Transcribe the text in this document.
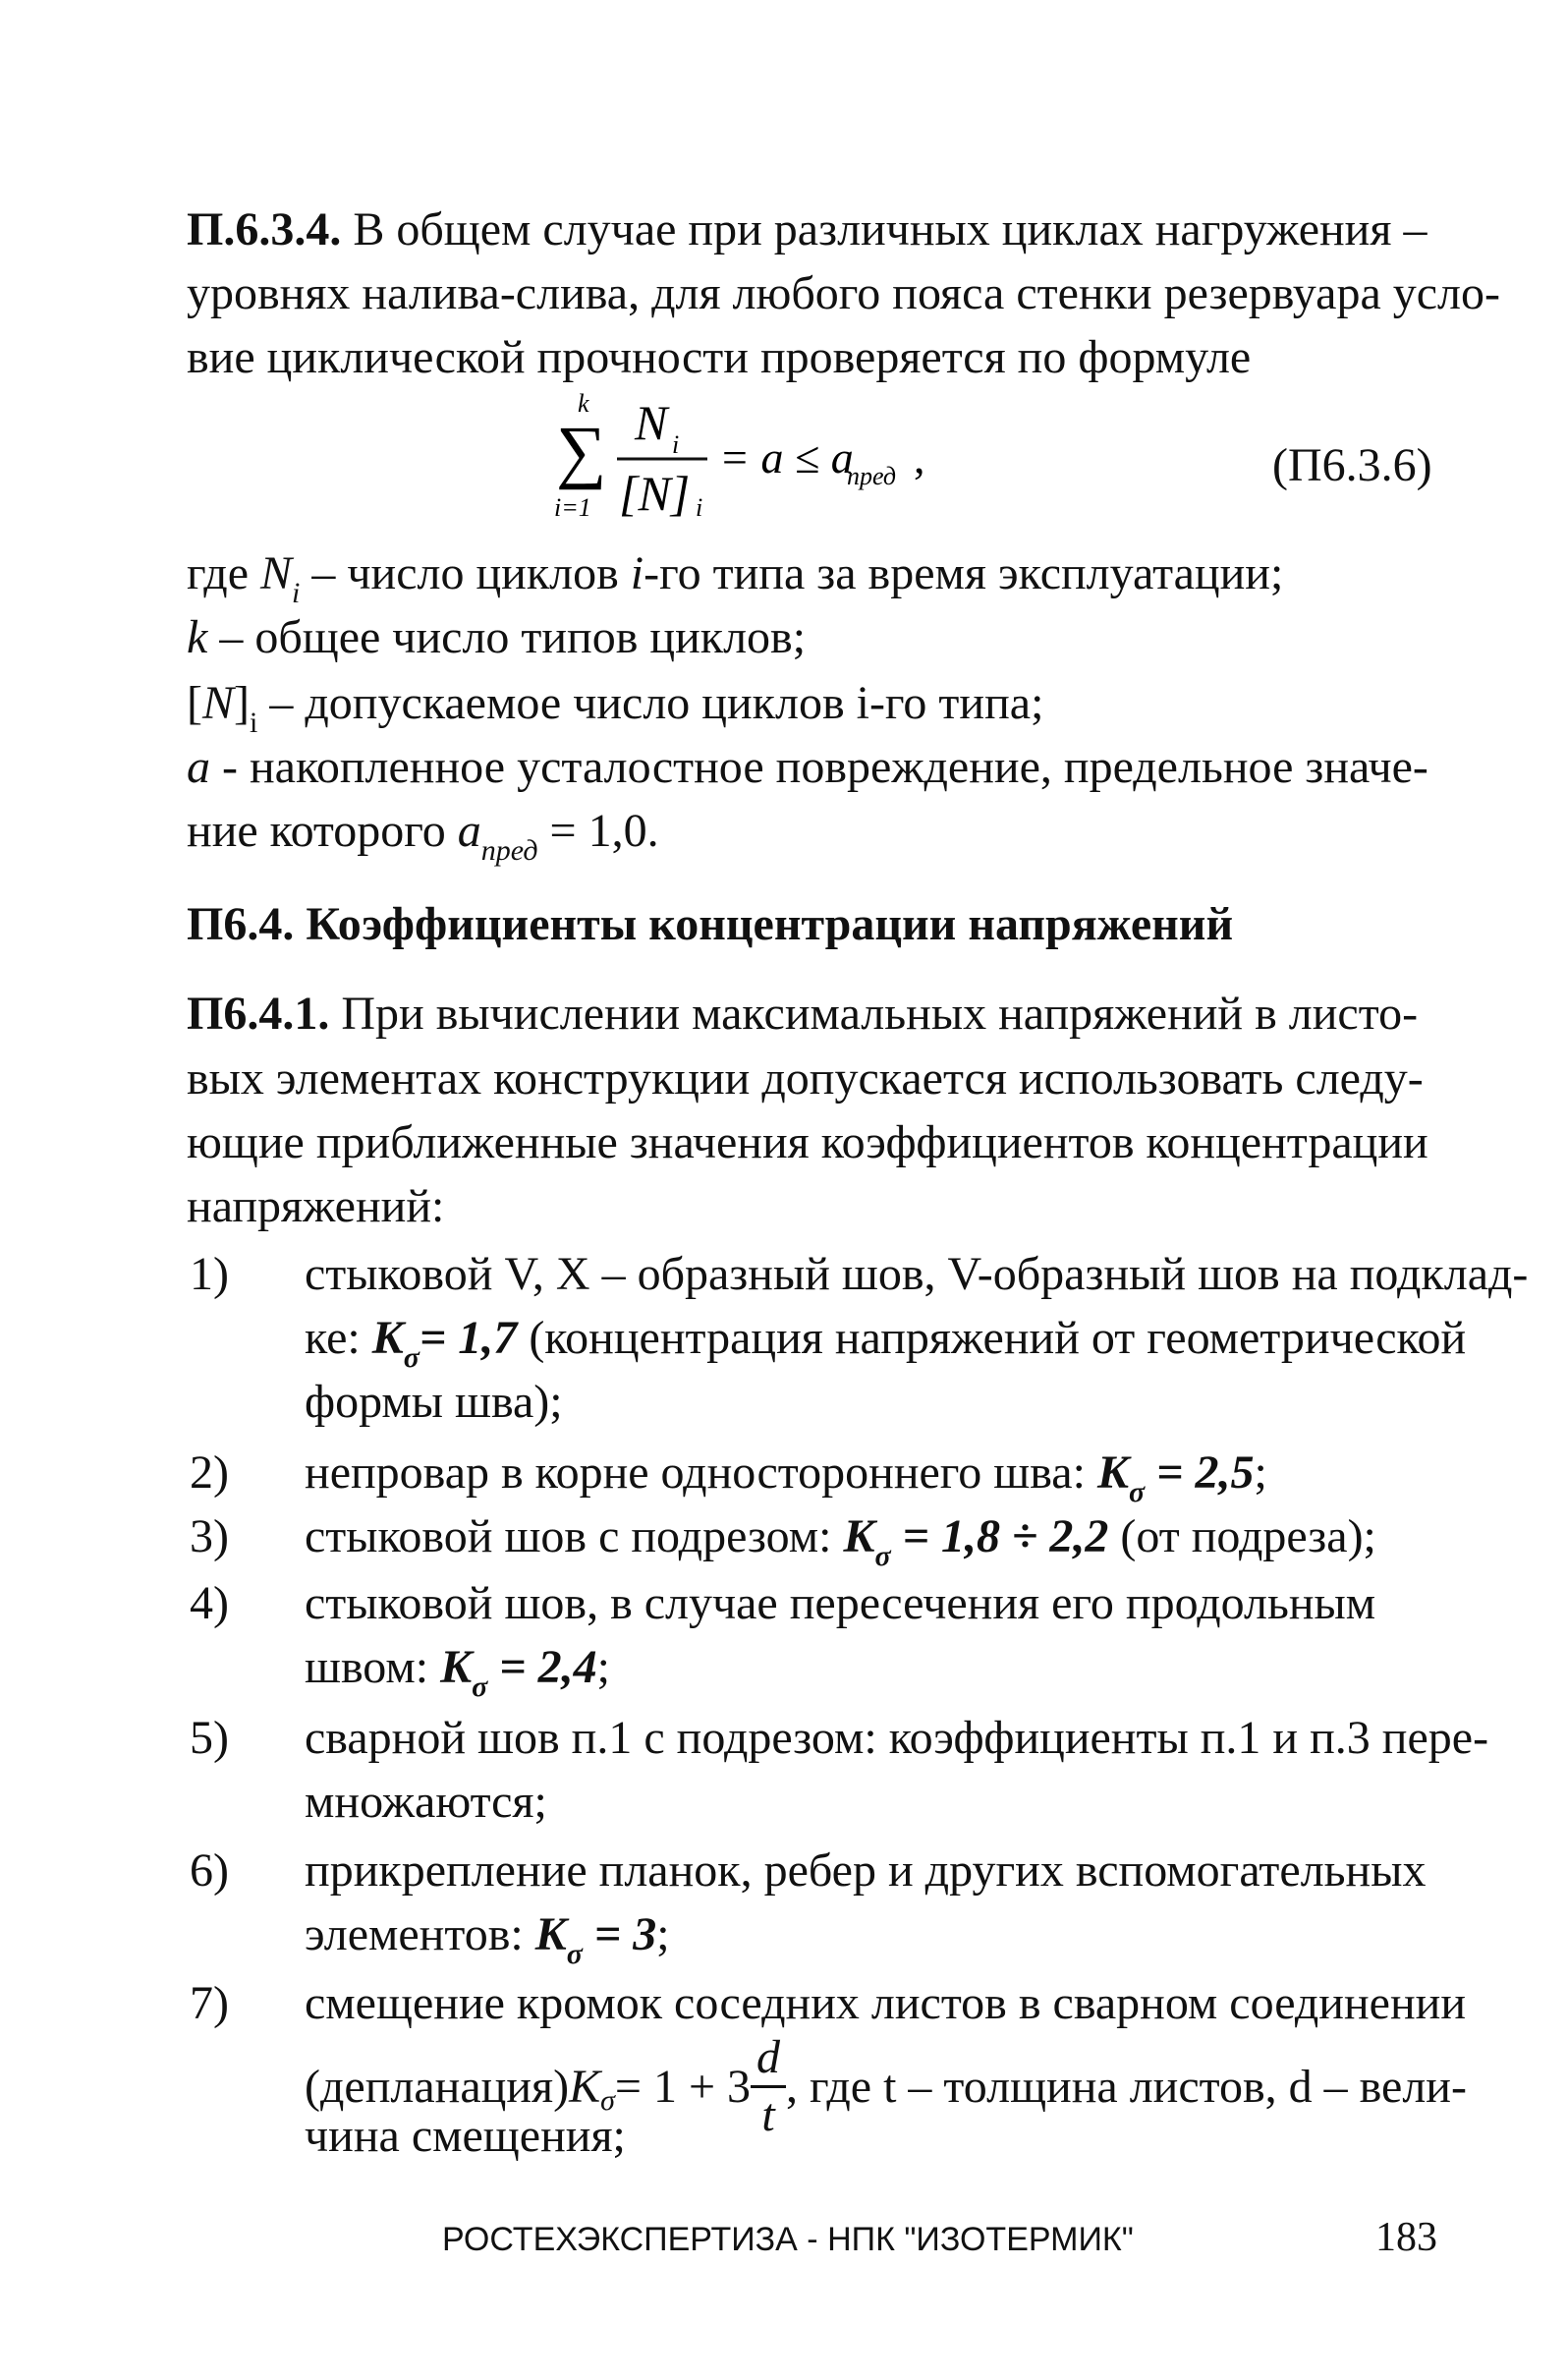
П.6.3.4. В общем случае при различных циклах нагружения –
уровнях налива-слива, для любого пояса стенки резервуара усло-
вие циклической прочности проверяется по формуле
k
∑
i=1
N i
[N] i
= a ≤ a
пред ,	(П6.3.6)
где $N_i$ – число циклов i-го типа за время эксплуатации;
k – общее число типов циклов;
$[N]_i$ – допускаемое число циклов i-го типа;
a - накопленное усталостное повреждение, предельное значе-
ние которого $a_{пред} = 1,0$.
П6.4. Коэффициенты концентрации напряжений
П6.4.1. При вычислении максимальных напряжений в листо-
вых элементах конструкции допускается использовать следу-
ющие приближенные значения коэффициентов концентрации
напряжений:
1) стыковой V, X – образный шов, V-образный шов на подклад-
ке: $K_\sigma= 1,7$ (концентрация напряжений от геометрической
формы шва);
2) непровар в корне одностороннего шва: $K_\sigma = 2,5$;
3) стыковой шов с подрезом: $K_\sigma = 1,8 \div 2,2$ (от подреза);
4) стыковой шов, в случае пересечения его продольным
швом: $K_\sigma = 2,4$;
5) сварной шов п.1 с подрезом: коэффициенты п.1 и п.3 пере-
множаются;
6) прикрепление планок, ребер и других вспомогательных
элементов: $K_\sigma = 3$;
7) смещение кромок соседних листов в сварном соединении
(депланация) K $\sigma = 1 + 3 \frac{d}{t}$ , где t – толщина листов, d – вели-
чина смещения;
РОСТЕХЭКСПЕРТИЗА - НПК "ИЗОТЕРМИК"	183
